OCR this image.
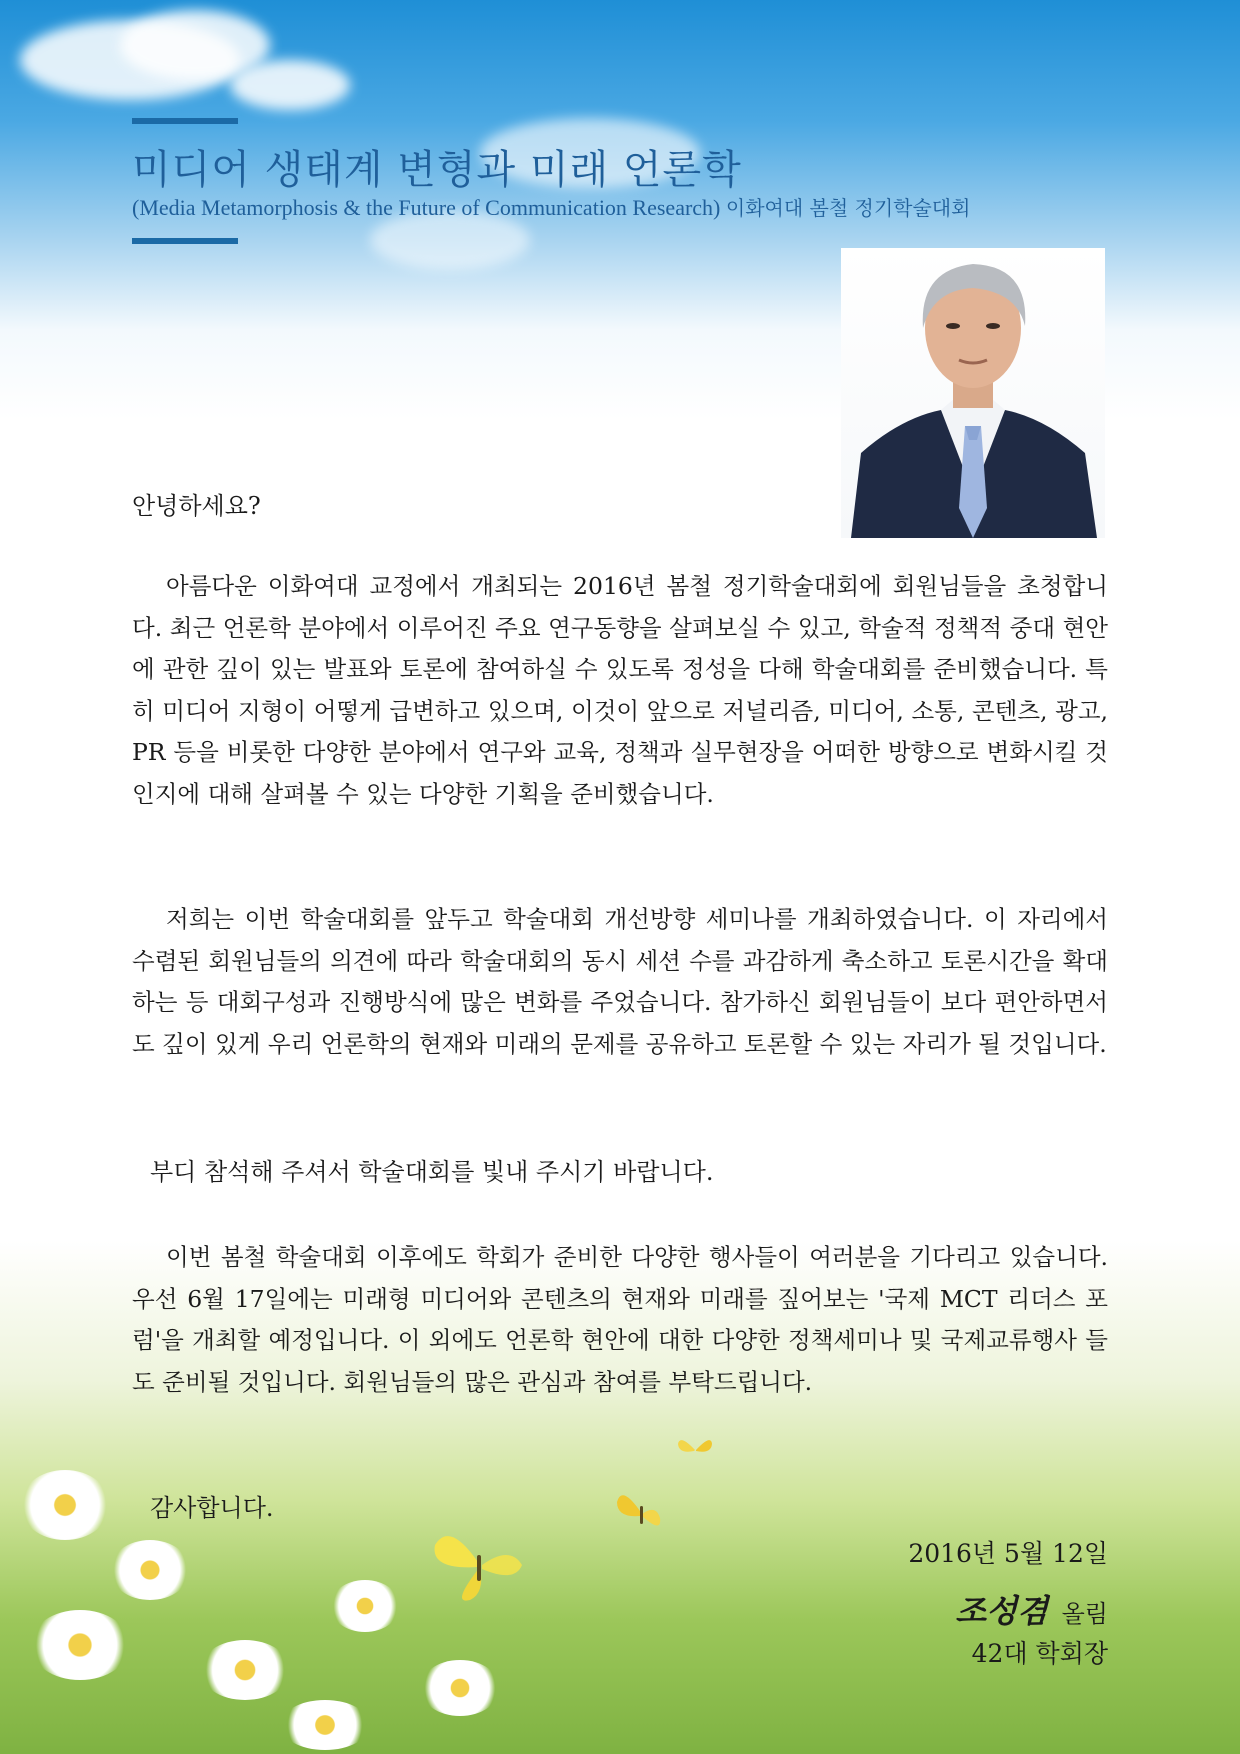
미디어 생태계 변형과 미래 언론학
(Media Metamorphosis & the Future of Communication Research) 이화여대 봄철 정기학술대회
안녕하세요?
아름다운 이화여대 교정에서 개최되는 2016년 봄철 정기학술대회에 회원님들을 초청합니다. 최근 언론학 분야에서 이루어진 주요 연구동향을 살펴보실 수 있고, 학술적 정책적 중대 현안에 관한 깊이 있는 발표와 토론에 참여하실 수 있도록 정성을 다해 학술대회를 준비했습니다. 특히 미디어 지형이 어떻게 급변하고 있으며, 이것이 앞으로 저널리즘, 미디어, 소통, 콘텐츠, 광고, PR 등을 비롯한 다양한 분야에서 연구와 교육, 정책과 실무현장을 어떠한 방향으로 변화시킬 것인지에 대해 살펴볼 수 있는 다양한 기획을 준비했습니다.
저희는 이번 학술대회를 앞두고 학술대회 개선방향 세미나를 개최하였습니다. 이 자리에서 수렴된 회원님들의 의견에 따라 학술대회의 동시 세션 수를 과감하게 축소하고 토론시간을 확대하는 등 대회구성과 진행방식에 많은 변화를 주었습니다. 참가하신 회원님들이 보다 편안하면서도 깊이 있게 우리 언론학의 현재와 미래의 문제를 공유하고 토론할 수 있는 자리가 될 것입니다.
부디 참석해 주셔서 학술대회를 빛내 주시기 바랍니다.
이번 봄철 학술대회 이후에도 학회가 준비한 다양한 행사들이 여러분을 기다리고 있습니다. 우선 6월 17일에는 미래형 미디어와 콘텐츠의 현재와 미래를 짚어보는 '국제 MCT 리더스 포럼'을 개최할 예정입니다. 이 외에도 언론학 현안에 대한 다양한 정책세미나 및 국제교류행사 들도 준비될 것입니다. 회원님들의 많은 관심과 참여를 부탁드립니다.
감사합니다.
2016년 5월 12일
조성겸 올림
42대 학회장
